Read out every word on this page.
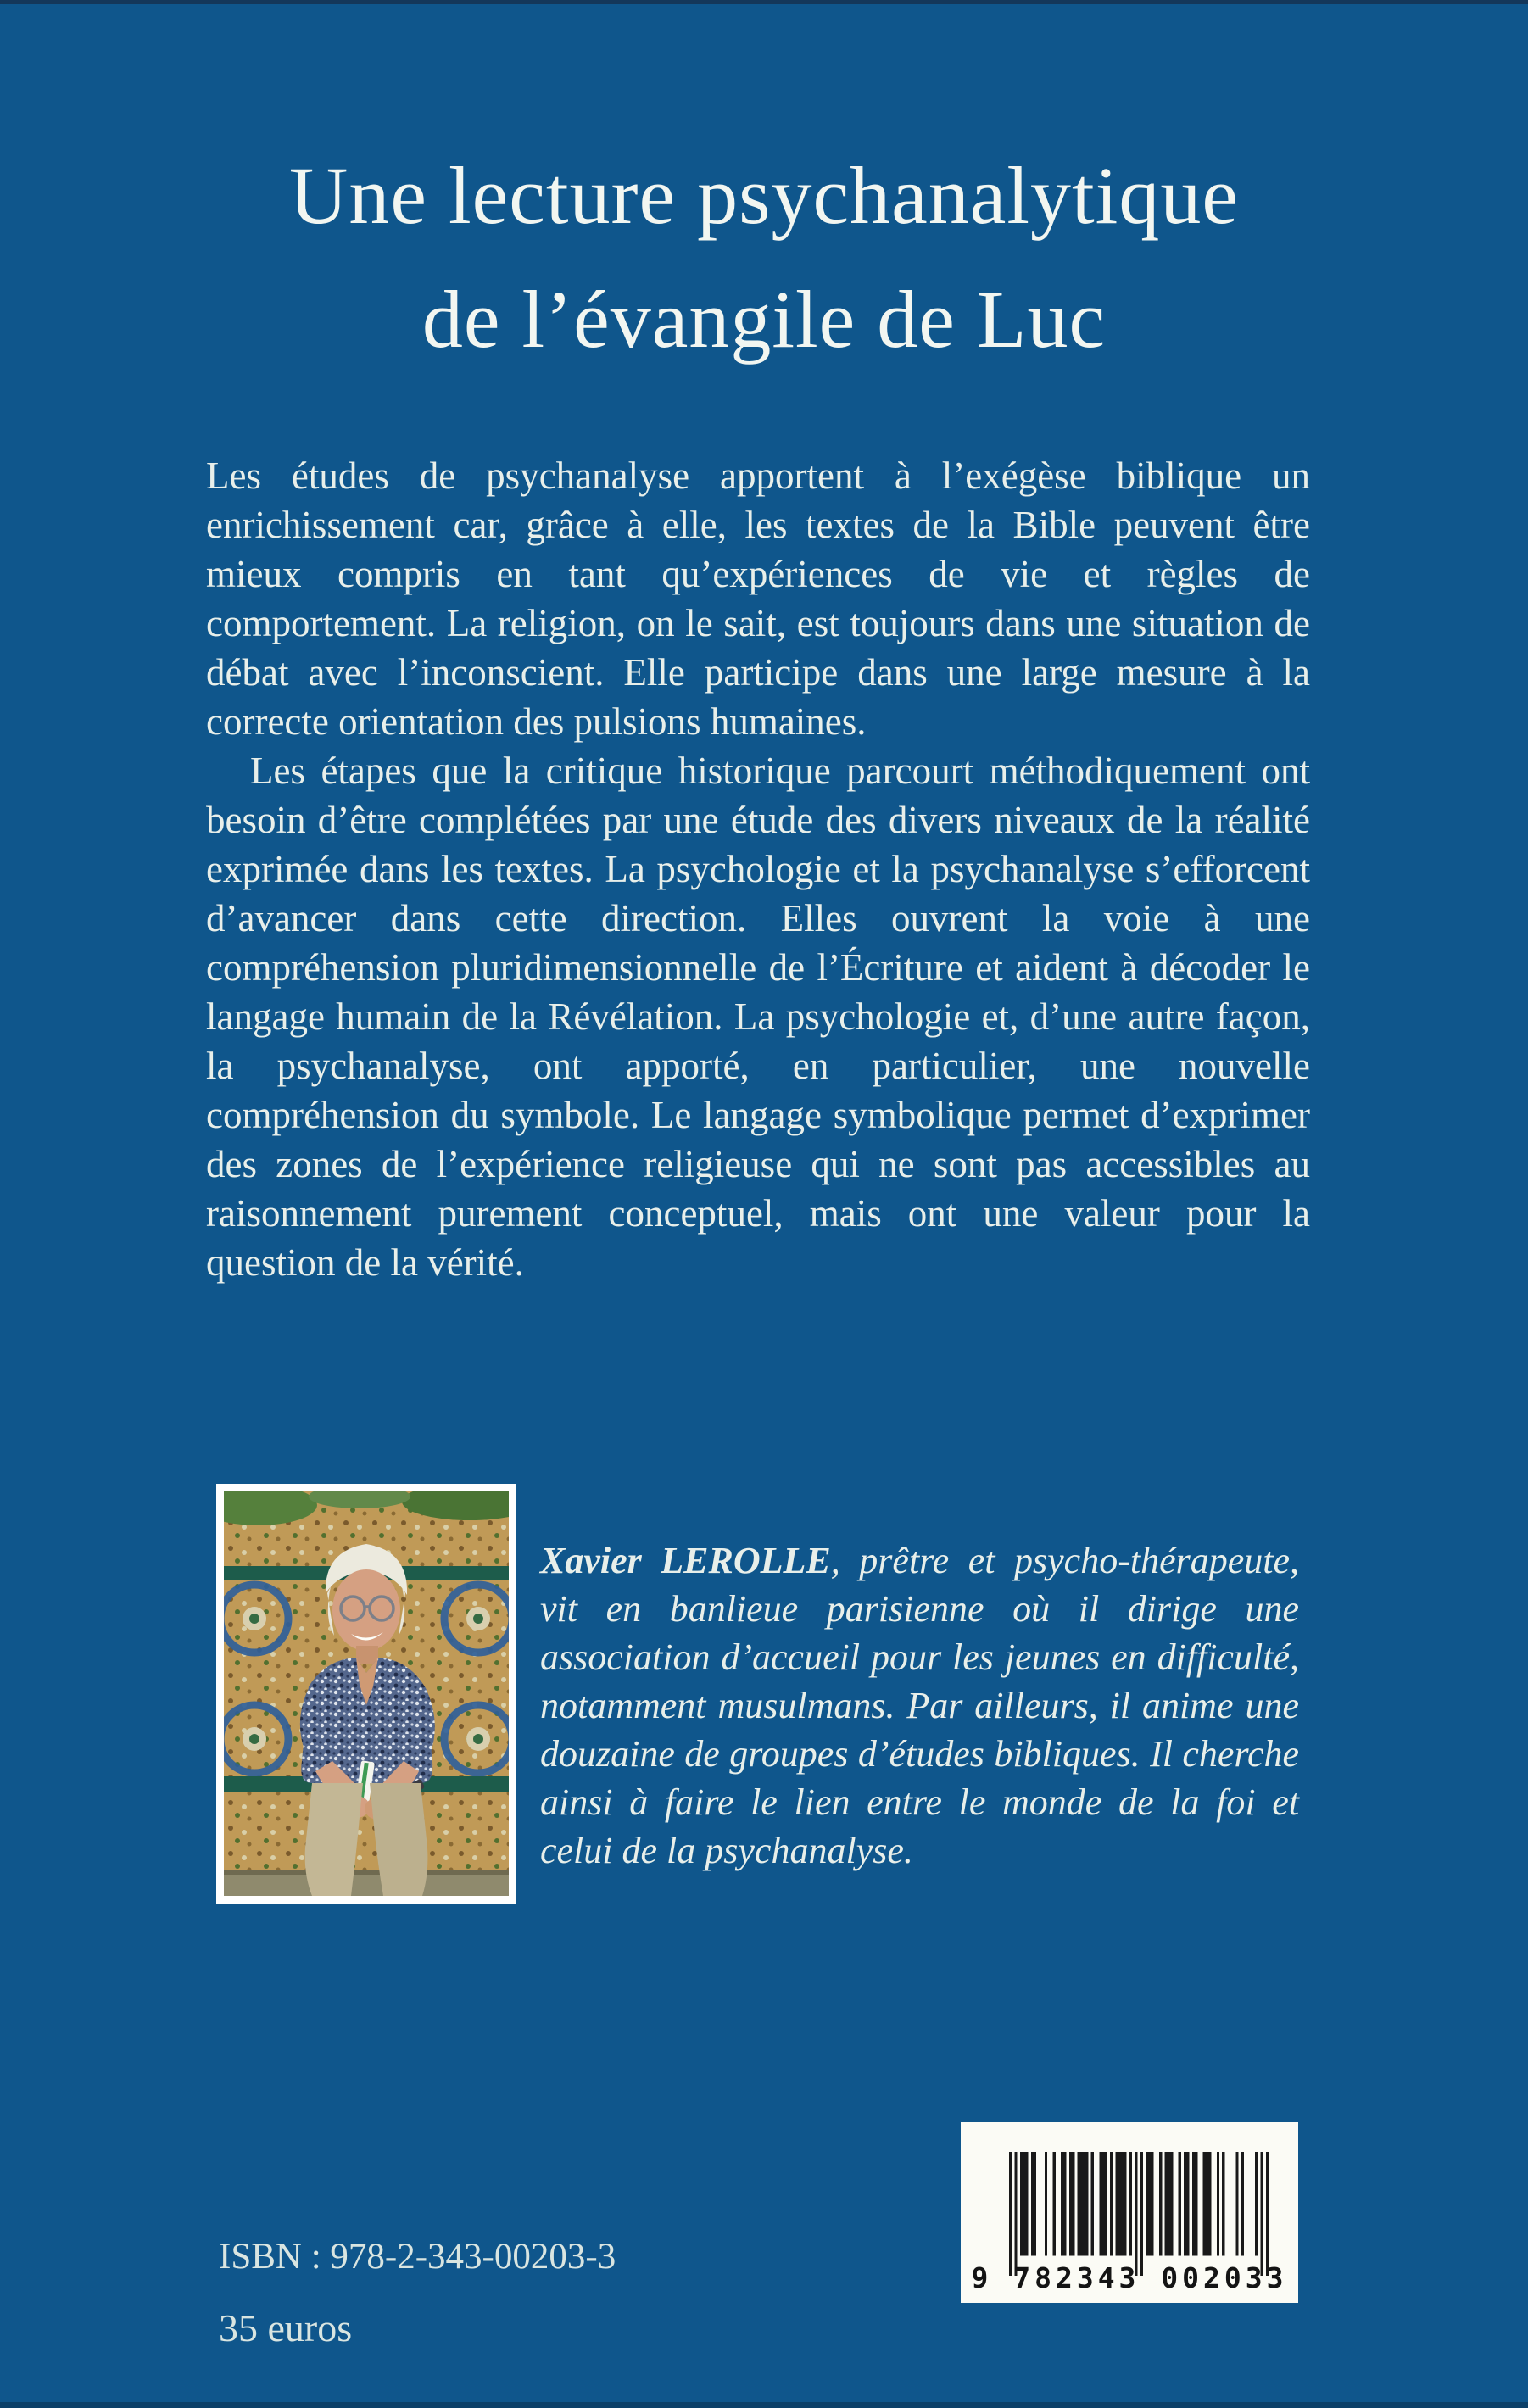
Une lecture psychanalytique
de l’évangile de Luc

Les études de psychanalyse apportent à l’exégèse biblique un enrichissement car, grâce à elle, les textes de la Bible peuvent être mieux compris en tant qu’expériences de vie et règles de comportement. La religion, on le sait, est toujours dans une situation de débat avec l’inconscient. Elle participe dans une large mesure à la correcte orientation des pulsions humaines.

Les étapes que la critique historique parcourt méthodiquement ont besoin d’être complétées par une étude des divers niveaux de la réalité exprimée dans les textes. La psychologie et la psychanalyse s’efforcent d’avancer dans cette direction. Elles ouvrent la voie à une compréhension pluridimensionnelle de l’Écriture et aident à décoder le langage humain de la Révélation. La psychologie et, d’une autre façon, la psychanalyse, ont apporté, en particulier, une nouvelle compréhension du symbole. Le langage symbolique permet d’exprimer des zones de l’expérience religieuse qui ne sont pas accessibles au raisonnement purement conceptuel, mais ont une valeur pour la question de la vérité.

Xavier LEROLLE, prêtre et psycho-thérapeute, vit en banlieue parisienne où il dirige une association d’accueil pour les jeunes en difficulté, notamment musulmans. Par ailleurs, il anime une douzaine de groupes d’études bibliques. Il cherche ainsi à faire le lien entre le monde de la foi et celui de la psychanalyse.
ISBN : 978-2-343-00203-3
35 euros
9 782343 002033
